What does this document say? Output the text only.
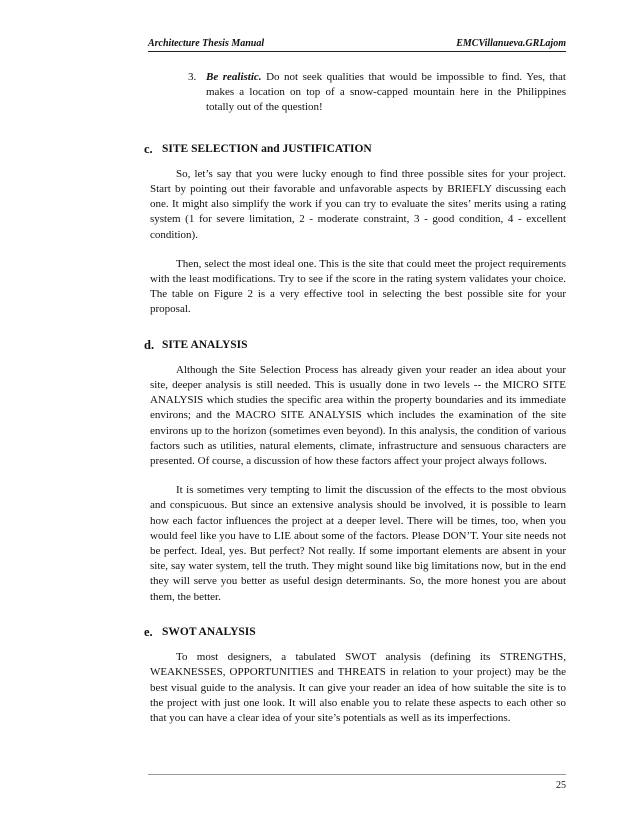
Architecture Thesis Manual	EMCVillanueva.GRLajom
3. Be realistic. Do not seek qualities that would be impossible to find. Yes, that makes a location on top of a snow-capped mountain here in the Philippines totally out of the question!
c. SITE SELECTION and JUSTIFICATION

So, let’s say that you were lucky enough to find three possible sites for your project. Start by pointing out their favorable and unfavorable aspects by BRIEFLY discussing each one. It might also simplify the work if you can try to evaluate the sites’ merits using a rating system (1 for severe limitation, 2 - moderate constraint, 3 - good condition, 4 - excellent condition).

Then, select the most ideal one. This is the site that could meet the project requirements with the least modifications. Try to see if the score in the rating system validates your choice. The table on Figure 2 is a very effective tool in selecting the best possible site for your proposal.

d. SITE ANALYSIS

Although the Site Selection Process has already given your reader an idea about your site, deeper analysis is still needed. This is usually done in two levels -- the MICRO SITE ANALYSIS which studies the specific area within the property boundaries and its immediate environs; and the MACRO SITE ANALYSIS which includes the examination of the site environs up to the horizon (sometimes even beyond). In this analysis, the condition of various factors such as utilities, natural elements, climate, infrastructure and sensuous characters are presented. Of course, a discussion of how these factors affect your project always follows.

It is sometimes very tempting to limit the discussion of the effects to the most obvious and conspicuous. But since an extensive analysis should be involved, it is possible to learn how each factor influences the project at a deeper level. There will be times, too, when you would feel like you have to LIE about some of the factors. Please DON’T. Your site needs not be perfect. Ideal, yes. But perfect? Not really. If some important elements are absent in your site, say water system, tell the truth. They might sound like big limitations now, but in the end they will serve you better as useful design determinants. So, the more honest you are about them, the better.

e. SWOT ANALYSIS

To most designers, a tabulated SWOT analysis (defining its STRENGTHS, WEAKNESSES, OPPORTUNITIES and THREATS in relation to your project) may be the best visual guide to the analysis. It can give your reader an idea of how suitable the site is to the project with just one look. It will also enable you to relate these aspects to each other so that you can have a clear idea of your site’s potentials as well as its imperfections.

25
